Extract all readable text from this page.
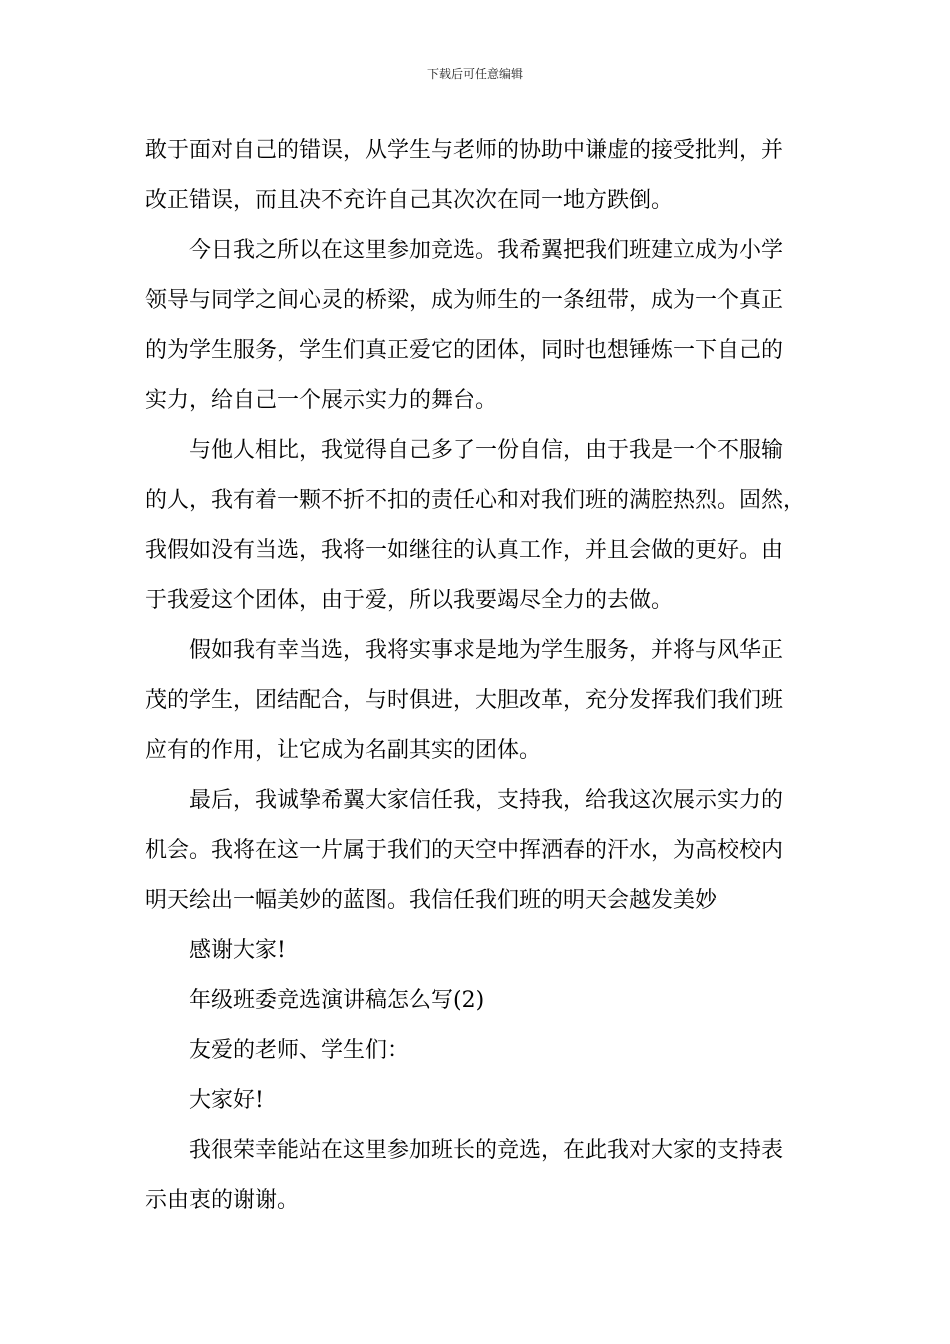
下载后可任意编辑

敢于面对自己的错误，从学生与老师的协助中谦虚的接受批判，并

改正错误，而且决不充许自己其次次在同一地方跌倒。

今日我之所以在这里参加竞选。我希翼把我们班建立成为小学

领导与同学之间心灵的桥梁，成为师生的一条纽带，成为一个真正

的为学生服务，学生们真正爱它的团体，同时也想锤炼一下自己的

实力，给自己一个展示实力的舞台。

与他人相比，我觉得自己多了一份自信，由于我是一个不服输

的人，我有着一颗不折不扣的责任心和对我们班的满腔热烈。固然，

我假如没有当选，我将一如继往的认真工作，并且会做的更好。由

于我爱这个团体，由于爱，所以我要竭尽全力的去做。

假如我有幸当选，我将实事求是地为学生服务，并将与风华正

茂的学生，团结配合，与时俱进，大胆改革，充分发挥我们我们班

应有的作用，让它成为名副其实的团体。

最后，我诚挚希翼大家信任我，支持我，给我这次展示实力的

机会。我将在这一片属于我们的天空中挥洒春的汗水，为高校校内

明天绘出一幅美妙的蓝图。我信任我们班的明天会越发美妙

感谢大家!

年级班委竞选演讲稿怎么写(2)

友爱的老师、学生们：

大家好!

我很荣幸能站在这里参加班长的竞选，在此我对大家的支持表

示由衷的谢谢。
